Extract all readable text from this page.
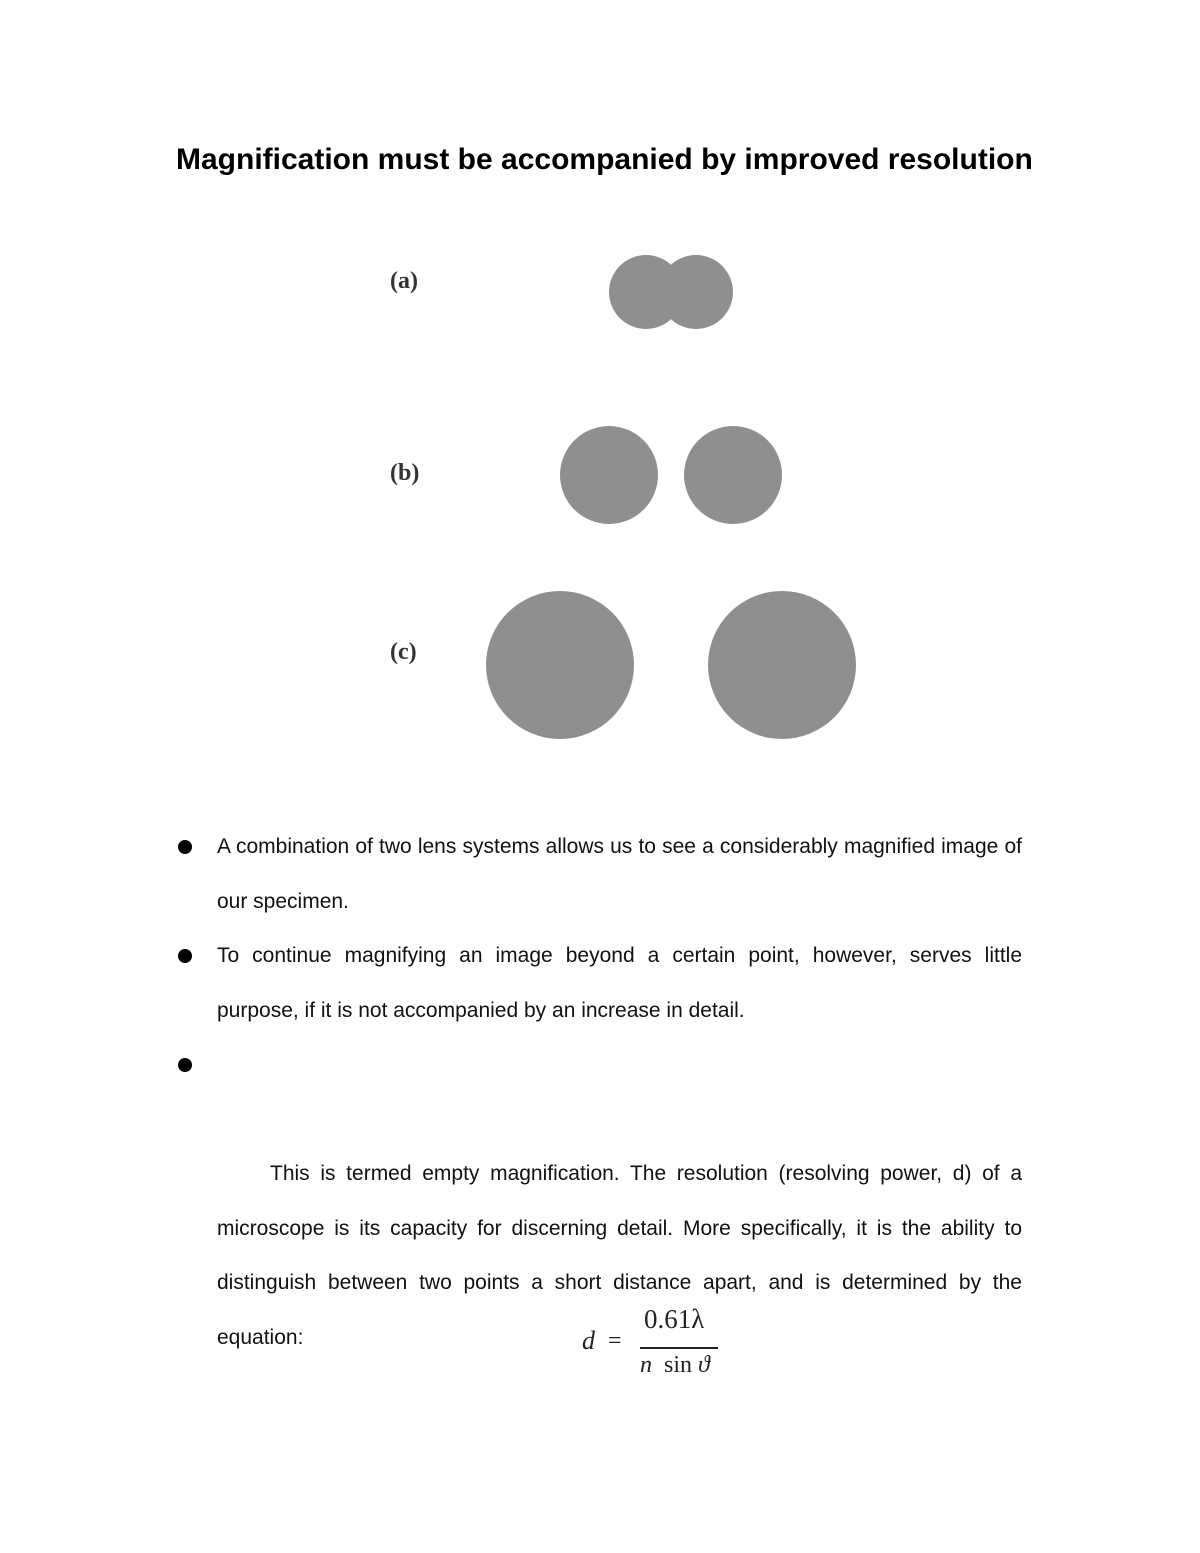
Magnification must be accompanied by improved resolution
(a)
(b)
(c)
A combination of two lens systems allows us to see a considerably magnified image of our specimen.
To continue magnifying an image beyond a certain point, however, serves little purpose, if it is not accompanied by an increase in detail.

This is termed empty magnification. The resolution (resolving power, d) of a microscope is its capacity for discerning detail. More specifically, it is the ability to distinguish between two points a short distance apart, and is determined by the equation:
	d =
0.61λ
n sin ϑ
